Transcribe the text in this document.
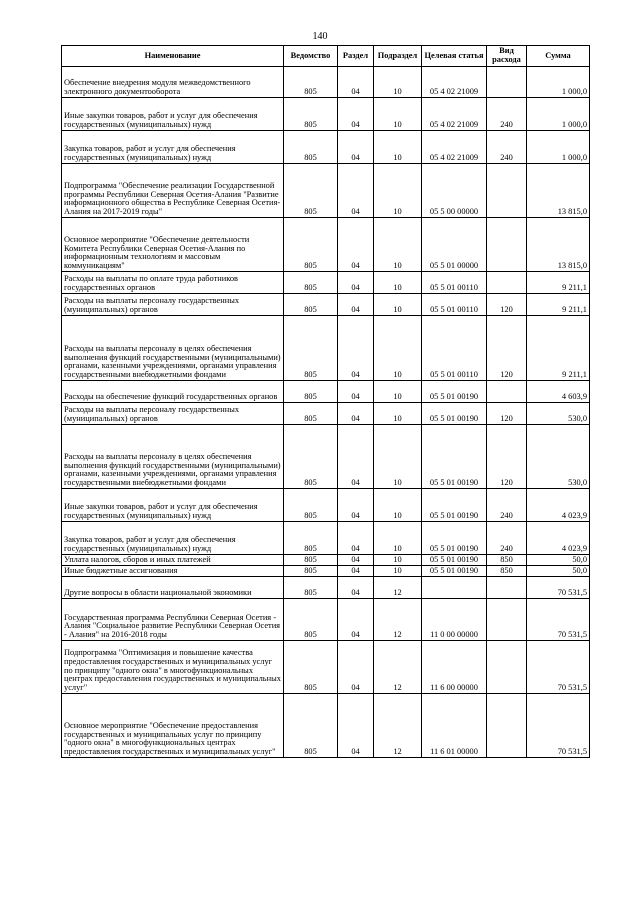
140
Наименование	Ведомство	Раздел	Подраздел	Целевая статья	Вид расхода	Сумма
Обеспечение внедрения модуля межведомственного электронного документооборота	805	04	10	05 4 02 21009		1 000,0
Иные закупки товаров, работ и услуг для обеспечения государственных (муниципальных) нужд	805	04	10	05 4 02 21009	240	1 000,0
Закупка товаров, работ и услуг для обеспечения государственных (муниципальных) нужд	805	04	10	05 4 02 21009	240	1 000,0
Подпрограмма "Обеспечение реализации Государственной программы Республики Северная Осетия-Алания "Развитие информационного общества в Республике Северная Осетия-Алания на 2017-2019 годы"	805	04	10	05 5 00 00000		13 815,0
Основное мероприятие "Обеспечение деятельности Комитета Республики Северная Осетия-Алания по информационным технологиям и массовым коммуникациям"	805	04	10	05 5 01 00000		13 815,0
Расходы на выплаты по оплате труда работников государственных органов	805	04	10	05 5 01 00110		9 211,1
Расходы на выплаты персоналу государственных (муниципальных) органов	805	04	10	05 5 01 00110	120	9 211,1
Расходы на выплаты персоналу в целях обеспечения выполнения функций государственными (муниципальными) органами, казенными учреждениями, органами управления государственными внебюджетными фондами	805	04	10	05 5 01 00110	120	9 211,1
Расходы на обеспечение функций государственных органов	805	04	10	05 5 01 00190		4 603,9
Расходы на выплаты персоналу государственных (муниципальных) органов	805	04	10	05 5 01 00190	120	530,0
Расходы на выплаты персоналу в целях обеспечения выполнения функций государственными (муниципальными) органами, казенными учреждениями, органами управления государственными внебюджетными фондами	805	04	10	05 5 01 00190	120	530,0
Иные закупки товаров, работ и услуг для обеспечения государственных (муниципальных) нужд	805	04	10	05 5 01 00190	240	4 023,9
Закупка товаров, работ и услуг для обеспечения государственных (муниципальных) нужд	805	04	10	05 5 01 00190	240	4 023,9
Уплата налогов, сборов и иных платежей	805	04	10	05 5 01 00190	850	50,0
Иные бюджетные ассигнования	805	04	10	05 5 01 00190	850	50,0
Другие вопросы в области национальной экономики	805	04	12			70 531,5
Государственная программа Республики Северная Осетия - Алания "Социальное развитие Республики Северная Осетия - Алания" на 2016-2018 годы	805	04	12	11 0 00 00000		70 531,5
Подпрограмма "Оптимизация и повышение качества предоставления государственных и муниципальных услуг по принципу "одного окна" в многофункциональных центрах предоставления государственных и муниципальных услуг"	805	04	12	11 6 00 00000		70 531,5
Основное мероприятие "Обеспечение предоставления государственных и муниципальных услуг по принципу "одного окна" в многофункциональных центрах предоставления государственных и муниципальных услуг"	805	04	12	11 6 01 00000		70 531,5
